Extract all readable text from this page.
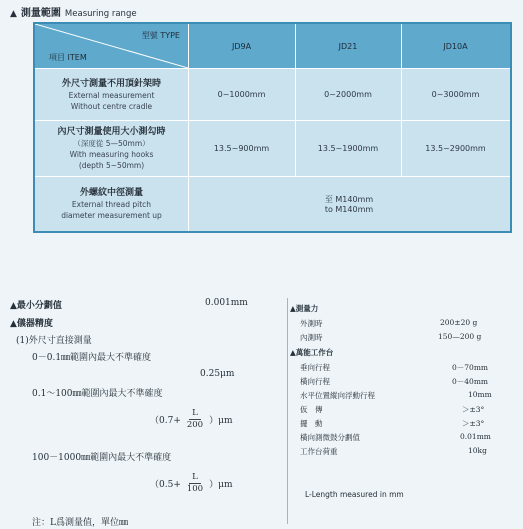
▲ 測量範圍 Measuring range
型號 TYPE
項目 ITEM
JD9A	JD21	JD10A
外尺寸測量不用頂針架時
External measurement
Without centre cradle
0~1000mm	0~2000mm	0~3000mm
內尺寸測量使用大小測勾時
（深度從 5—50mm）
With measuring hooks
(depth 5~50mm)
13.5~900mm	13.5~1900mm	13.5~2900mm
外螺紋中徑測量
External thread pitch
diameter measurement up
至 M140mm
to M140mm
▲最小分劃值	0.001mm
▲儀器精度
(1)外尺寸直接測量
0－0.1㎜範圍內最大不準確度
0.25μm
0.1～100㎜範圍內最大不準確度
$(0.7+ \frac{L}{200} )\mu m$
100－1000㎜範圍內最大不準確度
$(0.5+ \frac{L}{100} )\mu m$
注：L爲測量值，單位㎜
▲測量力
外測時	200±20 g
內測時	150—200 g
▲萬能工作台
垂向行程	0－70mm
橫向行程	0－40mm
水平位置縱向浮動行程	10mm
仮　傳	＞±3°
擺　動	＞±3°
橫向測微鼓分劃值	0.01mm
工作台荷重	10kg
L-Length measured in mm
